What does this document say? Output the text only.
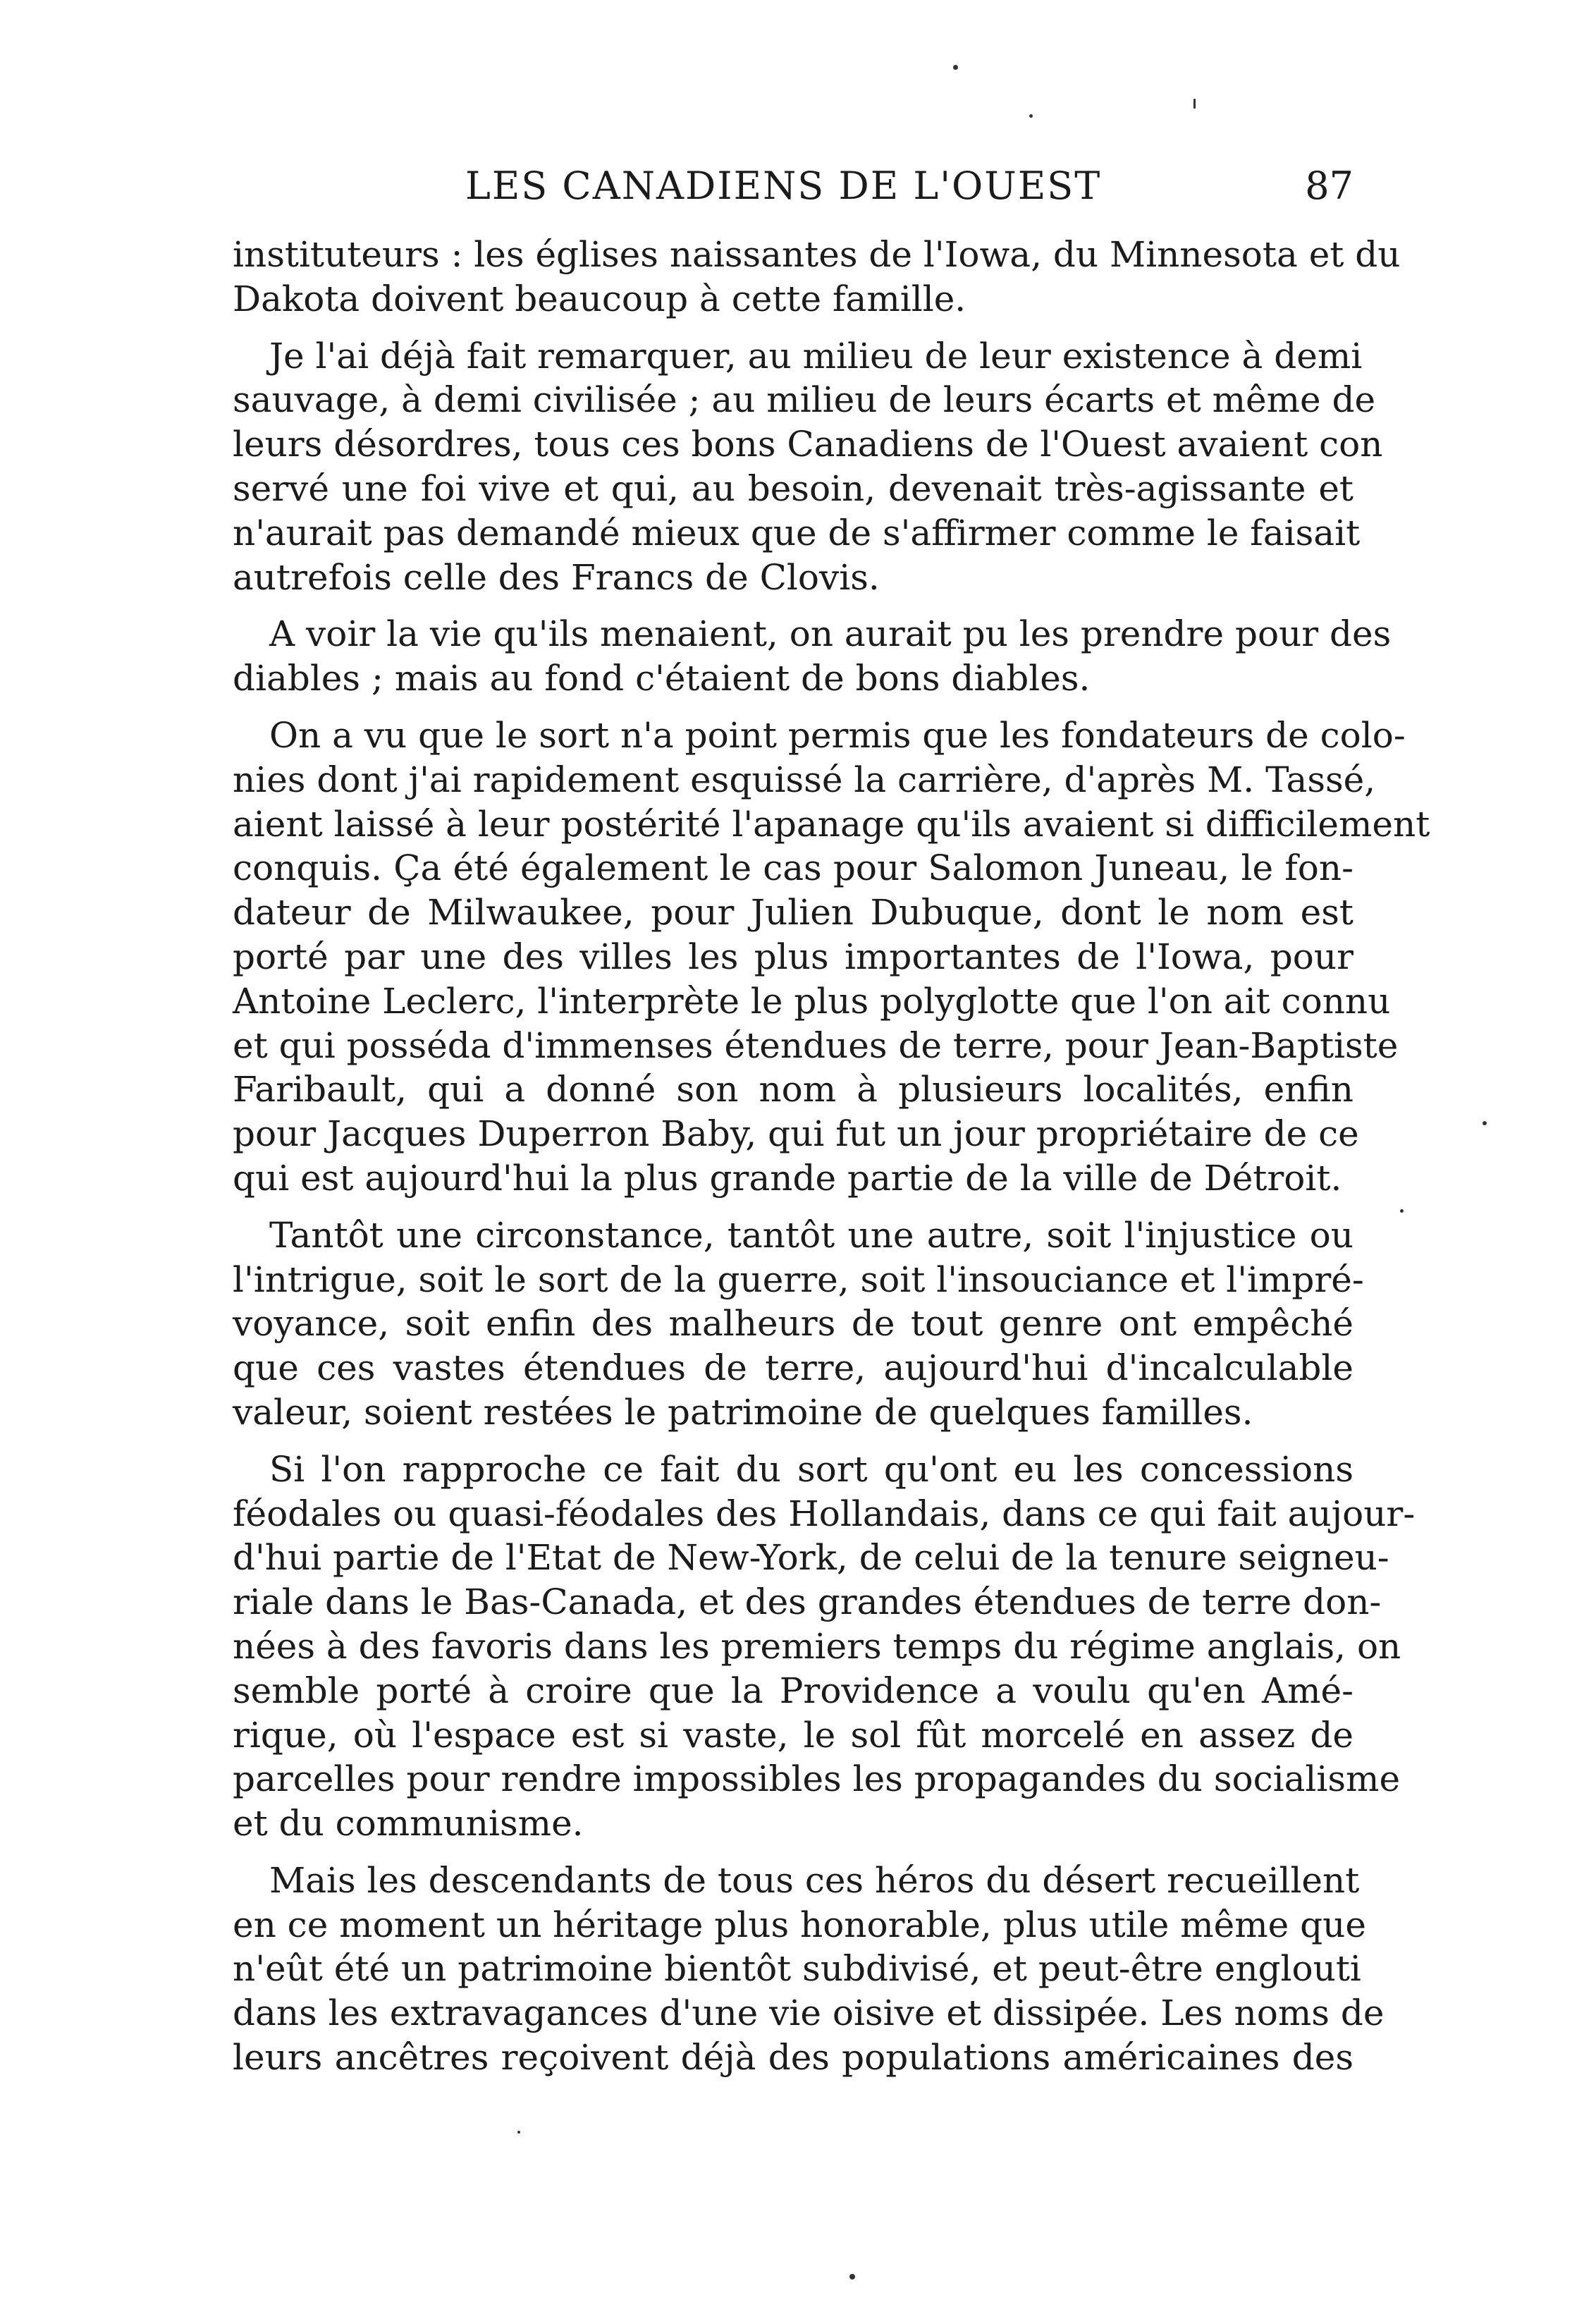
LES CANADIENS DE L'OUEST	87
instituteurs : les églises naissantes de l'Iowa, du Minnesota et du
Dakota doivent beaucoup à cette famille.
Je l'ai déjà fait remarquer, au milieu de leur existence à demi
sauvage, à demi civilisée ; au milieu de leurs écarts et même de
leurs désordres, tous ces bons Canadiens de l'Ouest avaient con
servé une foi vive et qui, au besoin, devenait très-agissante et
n'aurait pas demandé mieux que de s'affirmer comme le faisait
autrefois celle des Francs de Clovis.
A voir la vie qu'ils menaient, on aurait pu les prendre pour des
diables ; mais au fond c'étaient de bons diables.
On a vu que le sort n'a point permis que les fondateurs de colo-
nies dont j'ai rapidement esquissé la carrière, d'après M. Tassé,
aient laissé à leur postérité l'apanage qu'ils avaient si difficilement
conquis. Ça été également le cas pour Salomon Juneau, le fon-
dateur de Milwaukee, pour Julien Dubuque, dont le nom est
porté par une des villes les plus importantes de l'Iowa, pour
Antoine Leclerc, l'interprète le plus polyglotte que l'on ait connu
et qui posséda d'immenses étendues de terre, pour Jean-Baptiste
Faribault, qui a donné son nom à plusieurs localités, enfin
pour Jacques Duperron Baby, qui fut un jour propriétaire de ce
qui est aujourd'hui la plus grande partie de la ville de Détroit.
Tantôt une circonstance, tantôt une autre, soit l'injustice ou
l'intrigue, soit le sort de la guerre, soit l'insouciance et l'impré-
voyance, soit enfin des malheurs de tout genre ont empêché
que ces vastes étendues de terre, aujourd'hui d'incalculable
valeur, soient restées le patrimoine de quelques familles.
Si l'on rapproche ce fait du sort qu'ont eu les concessions
féodales ou quasi-féodales des Hollandais, dans ce qui fait aujour-
d'hui partie de l'Etat de New-York, de celui de la tenure seigneu-
riale dans le Bas-Canada, et des grandes étendues de terre don-
nées à des favoris dans les premiers temps du régime anglais, on
semble porté à croire que la Providence a voulu qu'en Amé-
rique, où l'espace est si vaste, le sol fût morcelé en assez de
parcelles pour rendre impossibles les propagandes du socialisme
et du communisme.
Mais les descendants de tous ces héros du désert recueillent
en ce moment un héritage plus honorable, plus utile même que
n'eût été un patrimoine bientôt subdivisé, et peut-être englouti
dans les extravagances d'une vie oisive et dissipée. Les noms de
leurs ancêtres reçoivent déjà des populations américaines des
